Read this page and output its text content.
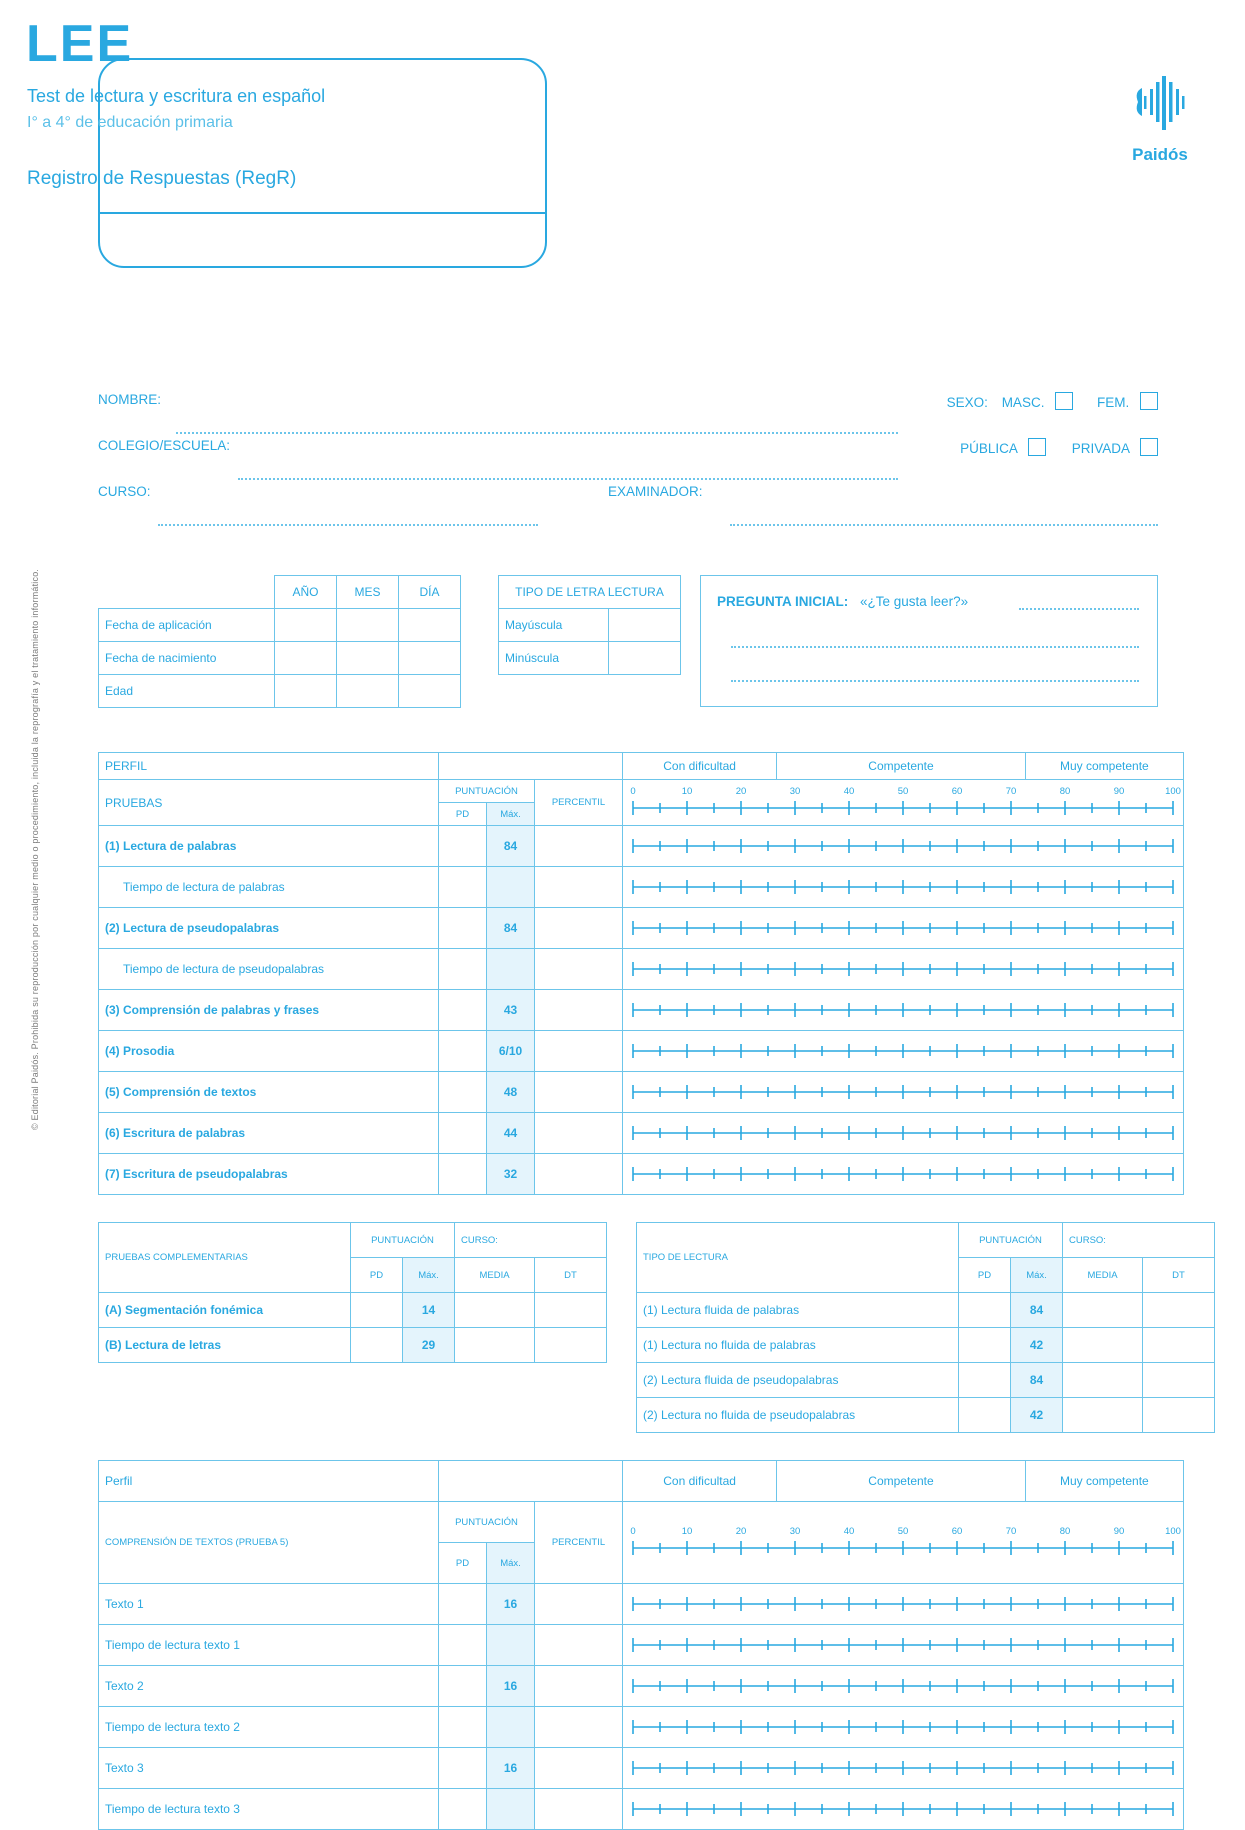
LEE
Test de lectura y escritura en español
I° a 4° de educación primaria
Registro de Respuestas (RegR)
Paidós
NOMBRE:	SEXO: MASC.	FEM.
COLEGIO/ESCUELA:	PÚBLICA	PRIVADA
CURSO:	EXAMINADOR:
	AÑO	MES	DÍA
Fecha de aplicación			
Fecha de nacimiento			
Edad			
TIPO DE LETRA LECTURA	
Mayúscula	
Minúscula	
PREGUNTA INICIAL: «¿Te gusta leer?»
PERFIL				Con dificultad	Competente	Muy competente
PRUEBAS	PUNTUACIÓN	PERCENTIL	
0	10	20	30	40	50	60	70	80	90	100

	PD	Máx.				
(1) Lectura de palabras		84		

Tiempo de lectura de palabras				

(2) Lectura de pseudopalabras		84		

Tiempo de lectura de pseudopalabras				

(3) Comprensión de palabras y frases		43		

(4) Prosodia		6/10		

(5) Comprensión de textos		48		

(6) Escritura de palabras		44		

(7) Escritura de pseudopalabras		32		
PRUEBAS COMPLEMENTARIAS	PUNTUACIÓN		CURSO:	
	PD	Máx.	MEDIA	DT
(A) Segmentación fonémica		14		
(B) Lectura de letras		29		
TIPO DE LECTURA	PUNTUACIÓN		CURSO:	
	PD	Máx.	MEDIA	DT
(1) Lectura fluida de palabras		84		
(1) Lectura no fluida de palabras		42		
(2) Lectura fluida de pseudopalabras		84		
(2) Lectura no fluida de pseudopalabras		42		
Perfil				Con dificultad	Competente	Muy competente
COMPRENSIÓN DE TEXTOS (PRUEBA 5)	PUNTUACIÓN	PERCENTIL	
0	10	20	30	40	50	60	70	80	90	100

	PD	Máx.				
Texto 1		16		

Tiempo de lectura texto 1				

Texto 2		16		

Tiempo de lectura texto 2				

Texto 3		16		

Tiempo de lectura texto 3				
© Editorial Paidós. Prohibida su reproducción por cualquier medio o procedimiento, incluida la reprografía y el tratamiento informático.
